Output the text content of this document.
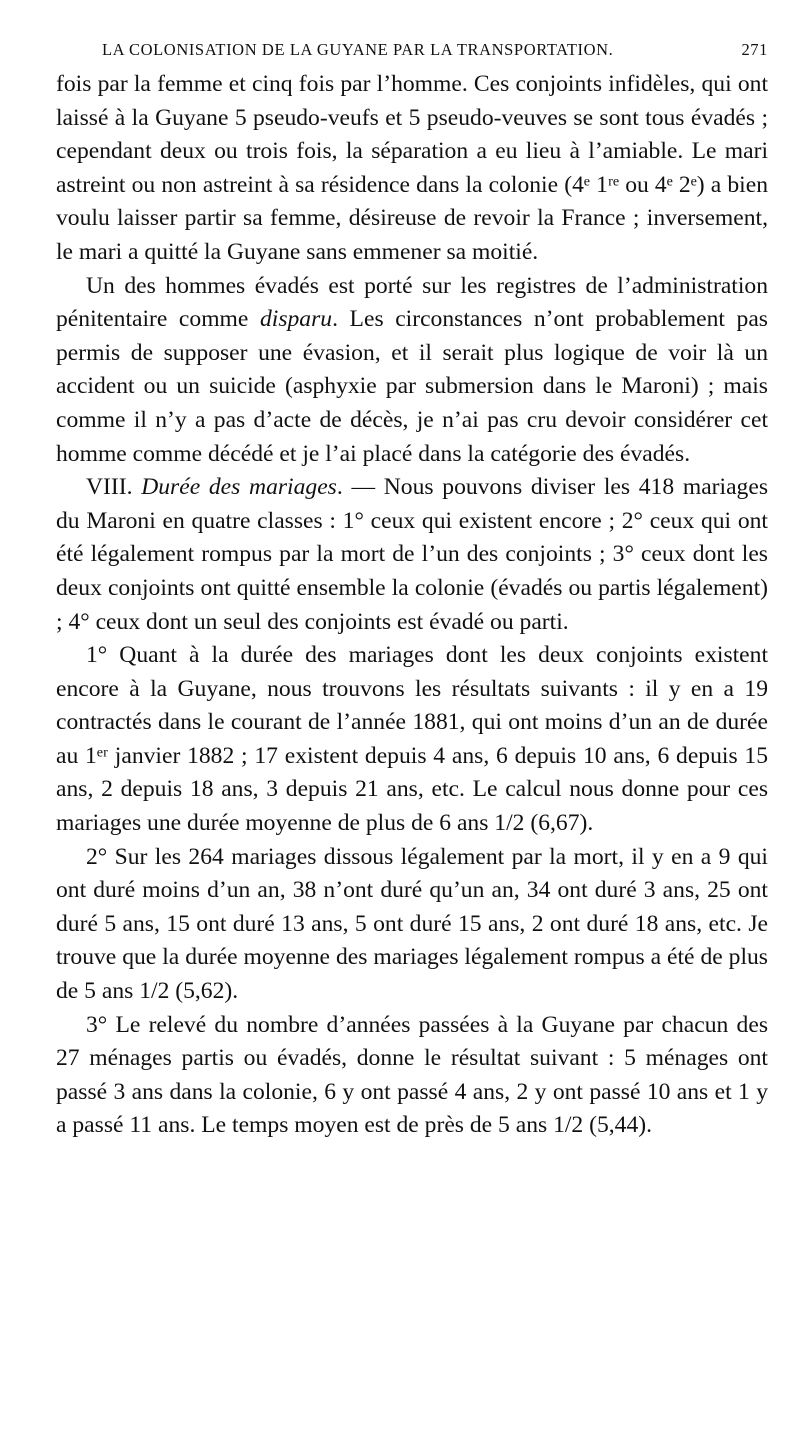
LA COLONISATION DE LA GUYANE PAR LA TRANSPORTATION.	271

fois par la femme et cinq fois par l’homme. Ces conjoints infidèles, qui ont laissé à la Guyane 5 pseudo-veufs et 5 pseudo-veuves se sont tous évadés ; cependant deux ou trois fois, la séparation a eu lieu à l’amiable. Le mari astreint ou non astreint à sa résidence dans la colonie (4ᵉ 1ʳᵉ ou 4ᵉ 2ᵉ) a bien voulu laisser partir sa femme, désireuse de revoir la France ; inversement, le mari a quitté la Guyane sans emmener sa moitié.

Un des hommes évadés est porté sur les registres de l’administration pénitentaire comme disparu. Les circonstances n’ont probablement pas permis de supposer une évasion, et il serait plus logique de voir là un accident ou un suicide (asphyxie par submersion dans le Maroni) ; mais comme il n’y a pas d’acte de décès, je n’ai pas cru devoir considérer cet homme comme décédé et je l’ai placé dans la catégorie des évadés.

VIII. Durée des mariages. — Nous pouvons diviser les 418 mariages du Maroni en quatre classes : 1° ceux qui existent encore ; 2° ceux qui ont été légalement rompus par la mort de l’un des conjoints ; 3° ceux dont les deux conjoints ont quitté ensemble la colonie (évadés ou partis légalement) ; 4° ceux dont un seul des conjoints est évadé ou parti.

1° Quant à la durée des mariages dont les deux conjoints existent encore à la Guyane, nous trouvons les résultats suivants : il y en a 19 contractés dans le courant de l’année 1881, qui ont moins d’un an de durée au 1ᵉʳ janvier 1882 ; 17 existent depuis 4 ans, 6 depuis 10 ans, 6 depuis 15 ans, 2 depuis 18 ans, 3 depuis 21 ans, etc. Le calcul nous donne pour ces mariages une durée moyenne de plus de 6 ans 1/2 (6,67).

2° Sur les 264 mariages dissous légalement par la mort, il y en a 9 qui ont duré moins d’un an, 38 n’ont duré qu’un an, 34 ont duré 3 ans, 25 ont duré 5 ans, 15 ont duré 13 ans, 5 ont duré 15 ans, 2 ont duré 18 ans, etc. Je trouve que la durée moyenne des mariages légalement rompus a été de plus de 5 ans 1/2 (5,62).

3° Le relevé du nombre d’années passées à la Guyane par chacun des 27 ménages partis ou évadés, donne le résultat suivant : 5 ménages ont passé 3 ans dans la colonie, 6 y ont passé 4 ans, 2 y ont passé 10 ans et 1 y a passé 11 ans. Le temps moyen est de près de 5 ans 1/2 (5,44).
